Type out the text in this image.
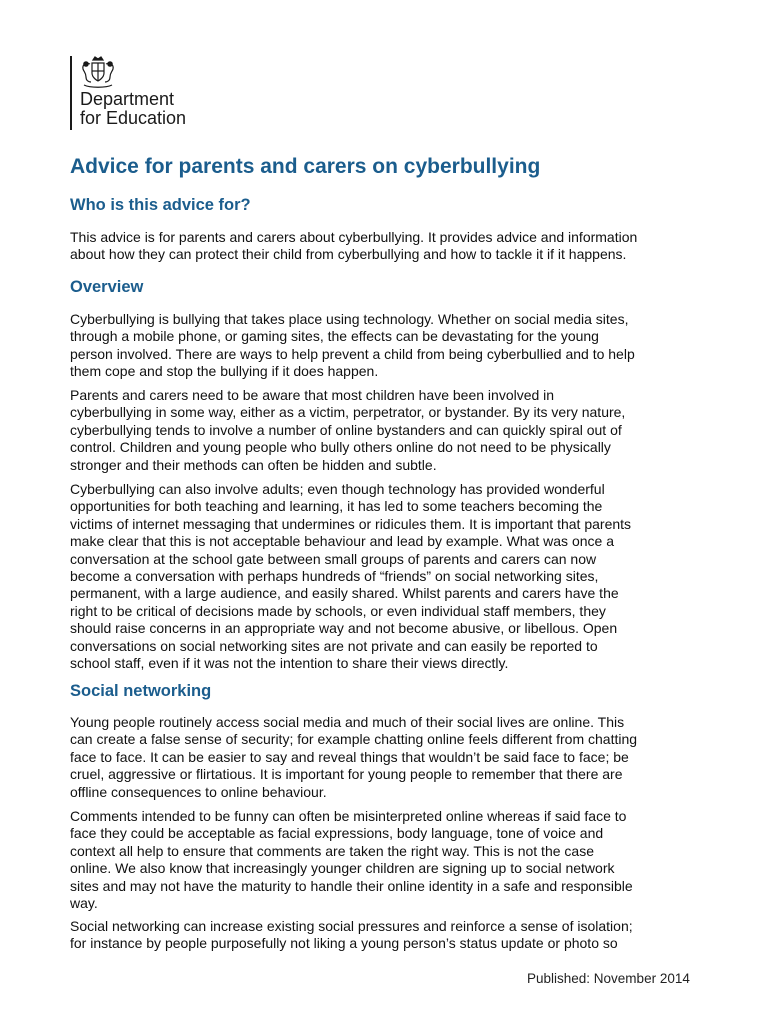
Department
for Education
Advice for parents and carers on cyberbullying
Who is this advice for?

This advice is for parents and carers about cyberbullying. It provides advice and information
about how they can protect their child from cyberbullying and how to tackle it if it happens.

Overview

Cyberbullying is bullying that takes place using technology. Whether on social media sites,
through a mobile phone, or gaming sites, the effects can be devastating for the young
person involved. There are ways to help prevent a child from being cyberbullied and to help
them cope and stop the bullying if it does happen.

Parents and carers need to be aware that most children have been involved in
cyberbullying in some way, either as a victim, perpetrator, or bystander. By its very nature,
cyberbullying tends to involve a number of online bystanders and can quickly spiral out of
control. Children and young people who bully others online do not need to be physically
stronger and their methods can often be hidden and subtle.

Cyberbullying can also involve adults; even though technology has provided wonderful
opportunities for both teaching and learning, it has led to some teachers becoming the
victims of internet messaging that undermines or ridicules them. It is important that parents
make clear that this is not acceptable behaviour and lead by example. What was once a
conversation at the school gate between small groups of parents and carers can now
become a conversation with perhaps hundreds of “friends” on social networking sites,
permanent, with a large audience, and easily shared. Whilst parents and carers have the
right to be critical of decisions made by schools, or even individual staff members, they
should raise concerns in an appropriate way and not become abusive, or libellous. Open
conversations on social networking sites are not private and can easily be reported to
school staff, even if it was not the intention to share their views directly.

Social networking

Young people routinely access social media and much of their social lives are online. This
can create a false sense of security; for example chatting online feels different from chatting
face to face. It can be easier to say and reveal things that wouldn’t be said face to face; be
cruel, aggressive or flirtatious. It is important for young people to remember that there are
offline consequences to online behaviour.

Comments intended to be funny can often be misinterpreted online whereas if said face to
face they could be acceptable as facial expressions, body language, tone of voice and
context all help to ensure that comments are taken the right way. This is not the case
online. We also know that increasingly younger children are signing up to social network
sites and may not have the maturity to handle their online identity in a safe and responsible
way.

Social networking can increase existing social pressures and reinforce a sense of isolation;
for instance by people purposefully not liking a young person’s status update or photo so

Published: November 2014
